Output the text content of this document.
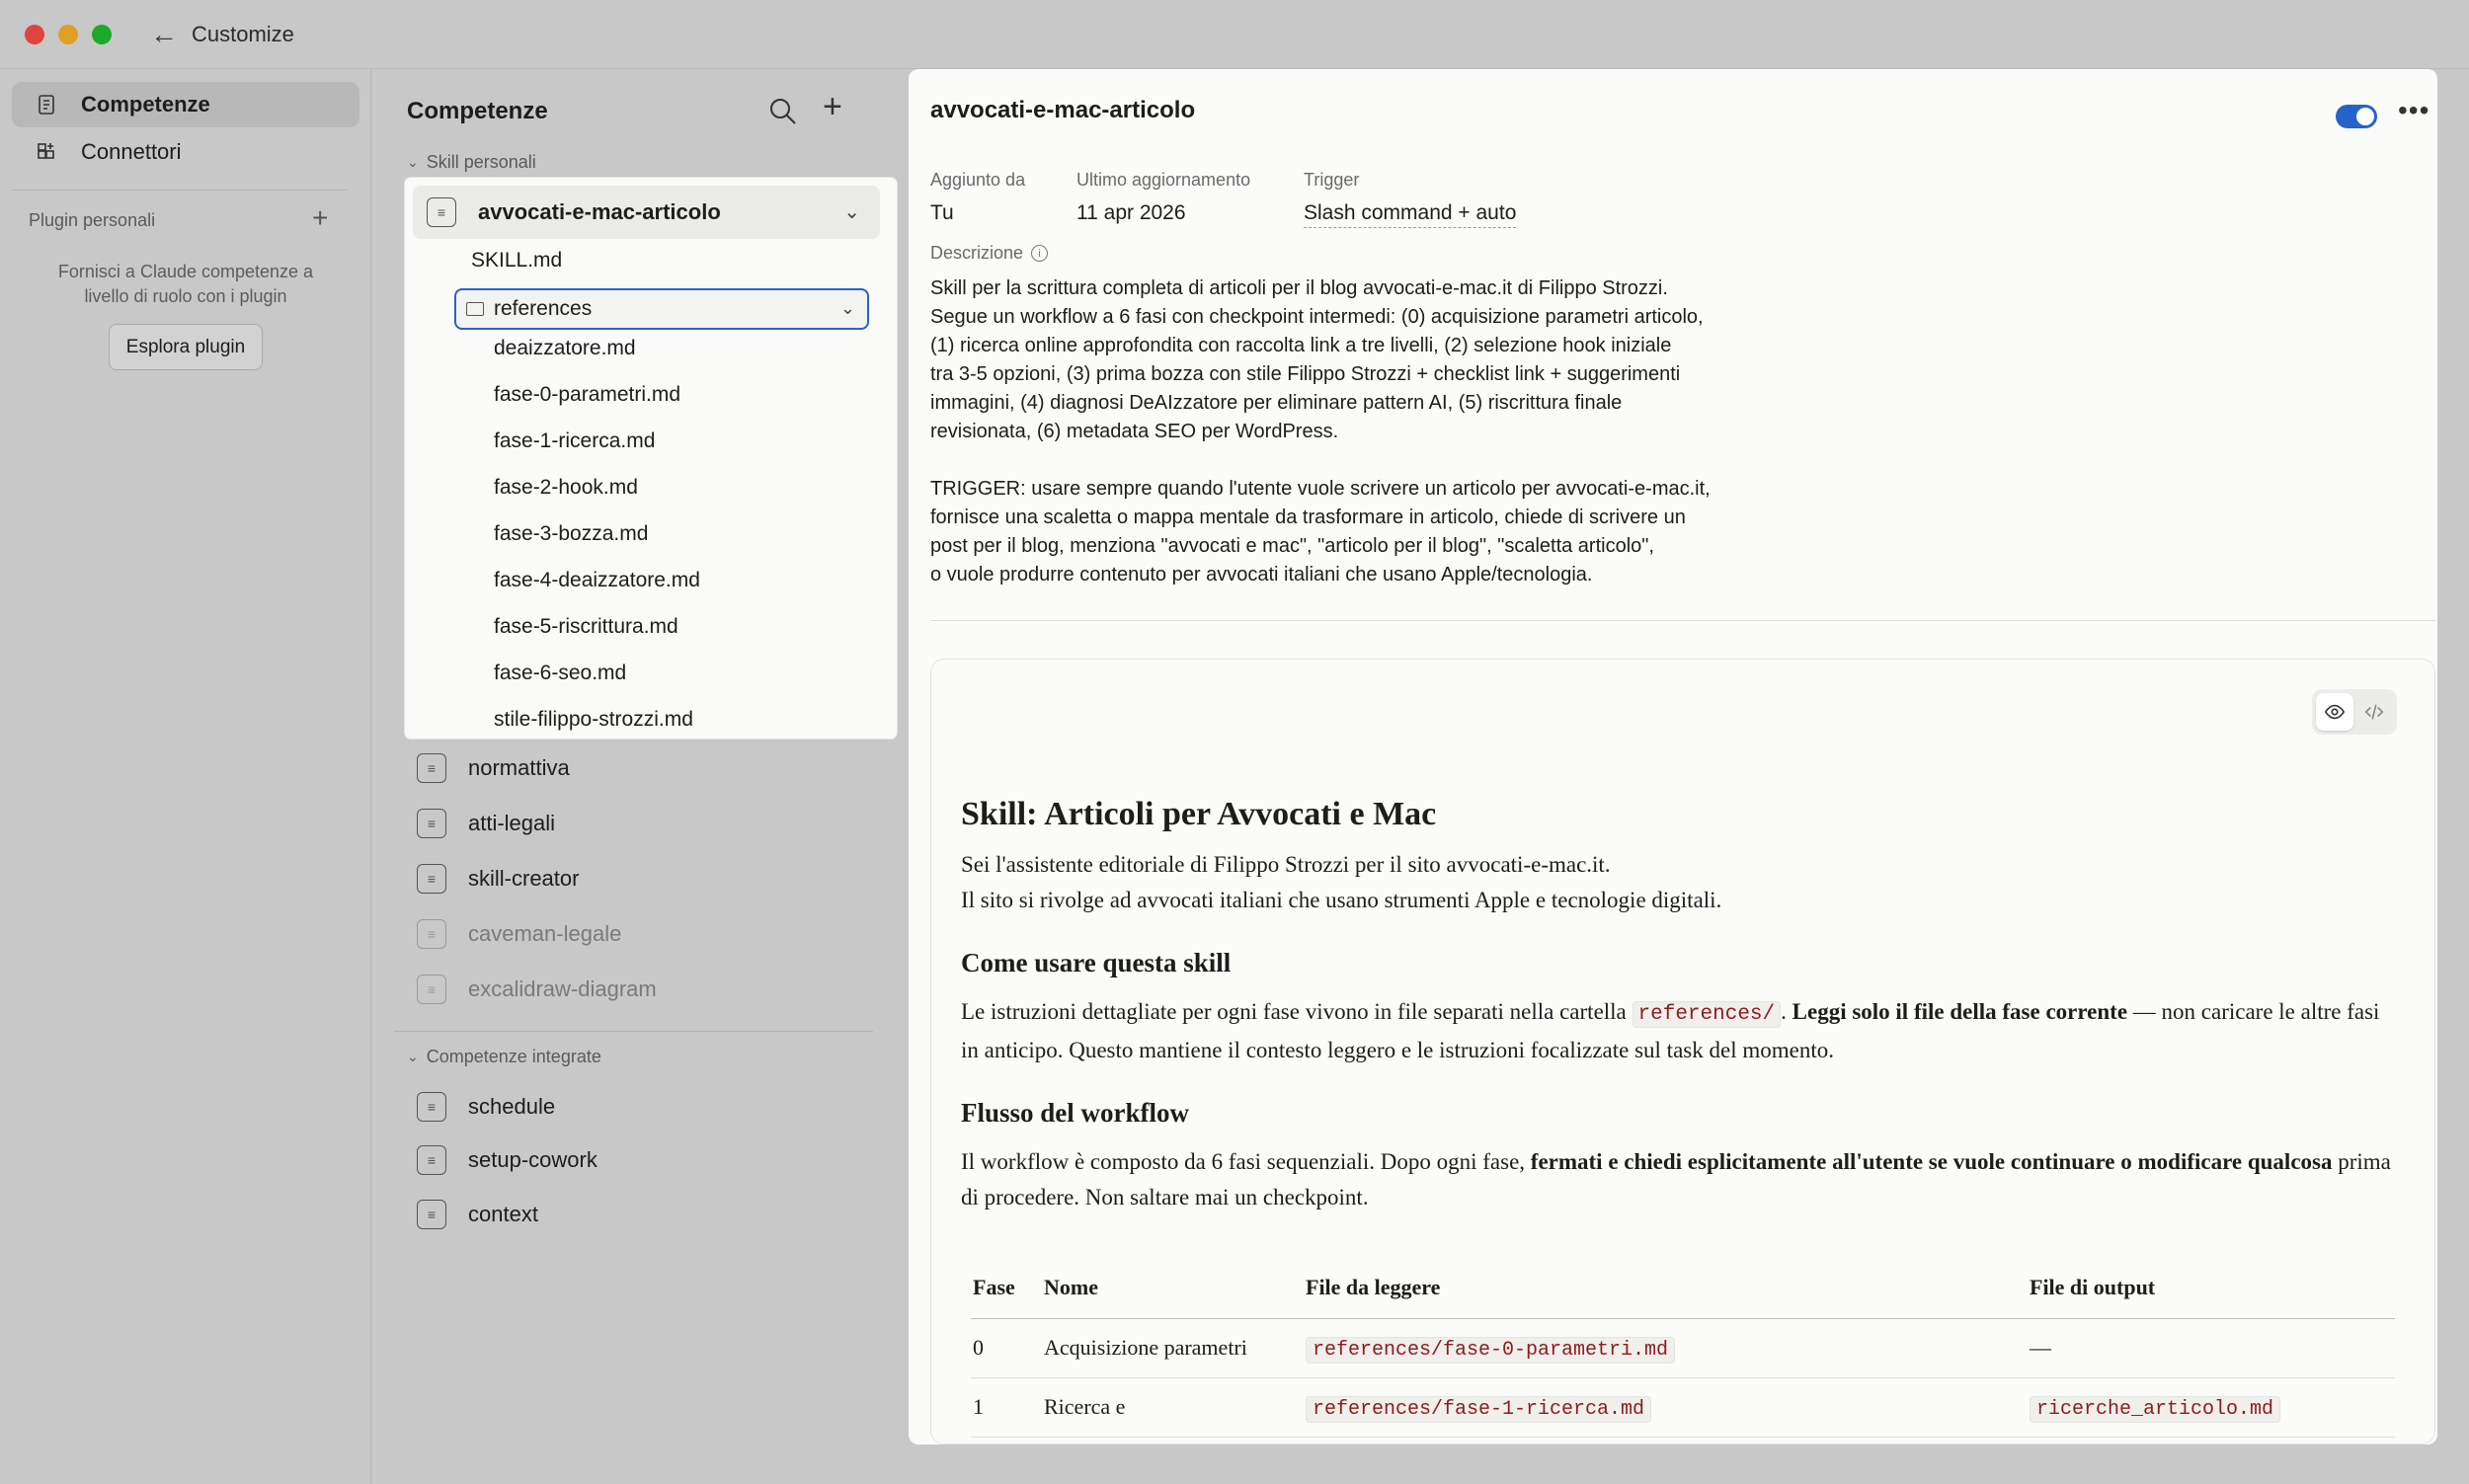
← Customize
Competenze
Connettori
Plugin personali	+
Fornisci a Claude competenze a livello di ruolo con i plugin
Esplora plugin
Competenze	+
⌄ Skill personali
≡	normattiva
≡	atti-legali
≡	skill-creator
≡	caveman-legale
≡	excalidraw-diagram
⌄ Competenze integrate
≡	schedule
≡	setup-cowork
≡	context
≡	avvocati-e-mac-articolo	⌄
SKILL.md
references	⌄
deaizzatore.md
fase-0-parametri.md
fase-1-ricerca.md
fase-2-hook.md
fase-3-bozza.md
fase-4-deaizzatore.md
fase-5-riscrittura.md
fase-6-seo.md
stile-filippo-strozzi.md
avvocati-e-mac-articolo	•••
Aggiunto da
Tu
Ultimo aggiornamento
11 apr 2026
Trigger
Slash command + auto
Descrizione	i
Skill per la scrittura completa di articoli per il blog avvocati-e-mac.it di Filippo Strozzi.
Segue un workflow a 6 fasi con checkpoint intermedi: (0) acquisizione parametri articolo,
(1) ricerca online approfondita con raccolta link a tre livelli, (2) selezione hook iniziale
tra 3-5 opzioni, (3) prima bozza con stile Filippo Strozzi + checklist link + suggerimenti
immagini, (4) diagnosi DeAIzzatore per eliminare pattern AI, (5) riscrittura finale
revisionata, (6) metadata SEO per WordPress.

TRIGGER: usare sempre quando l'utente vuole scrivere un articolo per avvocati-e-mac.it,
fornisce una scaletta o mappa mentale da trasformare in articolo, chiede di scrivere un
post per il blog, menziona "avvocati e mac", "articolo per il blog", "scaletta articolo",
o vuole produrre contenuto per avvocati italiani che usano Apple/tecnologia.
Skill: Articoli per Avvocati e Mac

Sei l'assistente editoriale di Filippo Strozzi per il sito avvocati-e-mac.it.

Il sito si rivolge ad avvocati italiani che usano strumenti Apple e tecnologie digitali.

Come usare questa skill

Le istruzioni dettagliate per ogni fase vivono in file separati nella cartella references/ . Leggi solo il file della fase corrente — non caricare le altre fasi in anticipo. Questo mantiene il contesto leggero e le istruzioni focalizzate sul task del momento.

Flusso del workflow

Il workflow è composto da 6 fasi sequenziali. Dopo ogni fase, fermati e chiedi esplicitamente all'utente se vuole continuare o modificare qualcosa prima di procedere. Non saltare mai un checkpoint.

Fase	Nome	File da leggere	File di output
0	Acquisizione parametri	references/fase-0-parametri.md	—
1	Ricerca e	references/fase-1-ricerca.md	ricerche_articolo.md
